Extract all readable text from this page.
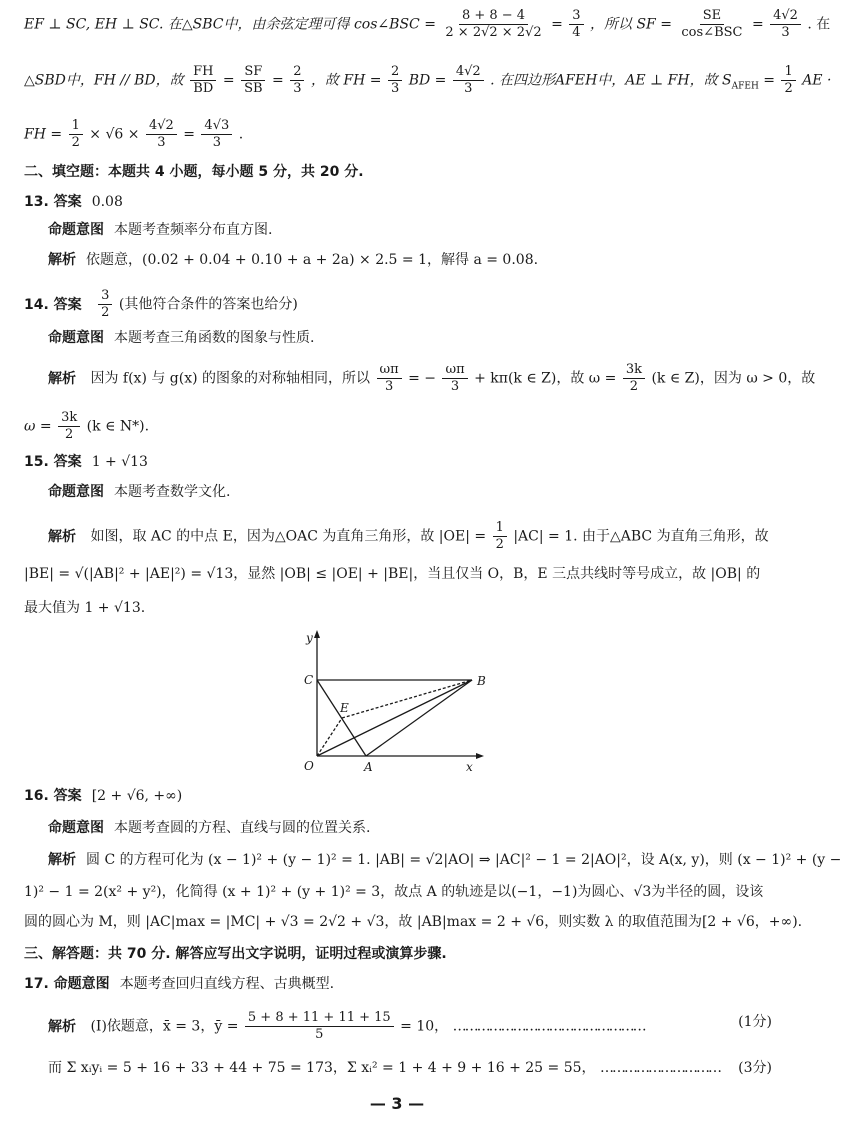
EF ⊥ SC, EH ⊥ SC. 在△SBC中，由余弦定理可得 cos∠BSC = $\frac{8 + 8 - 4}{2 \times 2√2 \times 2√2} = \frac{3}{4}$ ，所以 SF = $\frac{SE}{\text{cos∠BSC}} = \frac{4√2}{3}$ . 在
△SBD中，FH // BD，故 $\frac{FH}{BD} = \frac{SF}{SB} = \frac{2}{3}$ ，故 FH = $\frac{2}{3}$ BD = $\frac{4√2}{3}$ . 在四边形AFEH中，AE ⊥ FH，故 $S_{AFEH} = \frac{1}{2}$ AE ·
FH = $\frac{1}{2} \times √6 \times \frac{4√2}{3} = \frac{4√3}{3}$ .
二、填空题：本题共 4 小题，每小题 5 分，共 20 分.
13. 答案 0.08
命题意图 本题考查频率分布直方图.
解析 依题意，(0.02 + 0.04 + 0.10 + a + 2a) × 2.5 = 1，解得 a = 0.08.
14. 答案 $\frac{3}{2}$ (其他符合条件的答案也给分)
命题意图 本题考查三角函数的图象与性质.
解析 因为 f(x) 与 g(x) 的图象的对称轴相同，所以 $\frac{\omega\pi}{3}$ = − $\frac{\omega\pi}{3} + k\pi(k$ ∈ Z)，故 $\omega = \frac{3k}{2} (k$ ∈ Z)，因为 ω > 0，故
$\omega = \frac{3k}{2} (k$ ∈ N*).
15. 答案 1 + √13
命题意图 本题考查数学文化.
解析 如图，取 AC 的中点 E，因为△OAC 为直角三角形，故 $|OE| = \frac{1}{2} |AC| = 1$. 由于△ABC 为直角三角形，故
|BE| = √(|AB|² + |AE|²) = √13，显然 |OB| ≤ |OE| + |BE|，当且仅当 O，B，E 三点共线时等号成立，故 |OB| 的
最大值为 1 + √13.
y
C	B
E
O	A	x
16. 答案 [2 + √6, +∞)
命题意图 本题考查圆的方程、直线与圆的位置关系.
解析 圆 C 的方程可化为 (x − 1)² + (y − 1)² = 1. |AB| = √2|AO| ⇒ |AC|² − 1 = 2|AO|²，设 A(x, y)，则 (x − 1)² + (y −
1)² − 1 = 2(x² + y²)，化简得 (x + 1)² + (y + 1)² = 3，故点 A 的轨迹是以(−1，−1)为圆心、√3为半径的圆，设该
圆的圆心为 M，则 |AC|max = |MC| + √3 = 2√2 + √3，故 |AB|max = 2 + √6，则实数 λ 的取值范围为[2 + √6，+∞).
三、解答题：共 70 分. 解答应写出文字说明，证明过程或演算步骤.
17. 命题意图 本题考查回归直线方程、古典概型.
解析 (Ⅰ)依题意，x̄ = 3，ȳ = $\frac{5 + 8 + 11 + 11 + 15}{5} = 10$， …………………………………………	(1分)
而 Σ xᵢyᵢ = 5 + 16 + 33 + 44 + 75 = 173，Σ xᵢ² = 1 + 4 + 9 + 16 + 25 = 55， ………………………… (3分)
— 3 —
